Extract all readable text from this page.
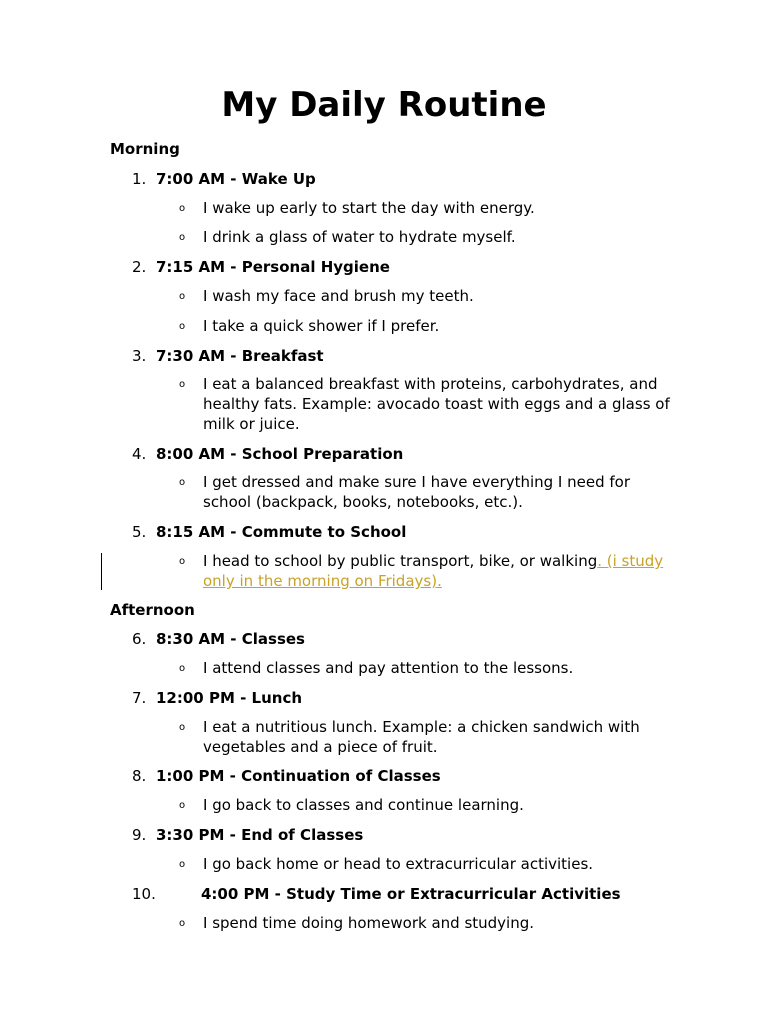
My Daily Routine
Morning
1. 7:00 AM - Wake Up
o I wake up early to start the day with energy.
o I drink a glass of water to hydrate myself.
2. 7:15 AM - Personal Hygiene
o I wash my face and brush my teeth.
o I take a quick shower if I prefer.
3. 7:30 AM - Breakfast
o I eat a balanced breakfast with proteins, carbohydrates, and healthy fats. Example: avocado toast with eggs and a glass of milk or juice.
4. 8:00 AM - School Preparation
o I get dressed and make sure I have everything I need for school (backpack, books, notebooks, etc.).
5. 8:15 AM - Commute to School
o I head to school by public transport, bike, or walking. (i study only in the morning on Fridays).
Afternoon
6. 8:30 AM - Classes
o I attend classes and pay attention to the lessons.
7. 12:00 PM - Lunch
o I eat a nutritious lunch. Example: a chicken sandwich with vegetables and a piece of fruit.
8. 1:00 PM - Continuation of Classes
o I go back to classes and continue learning.
9. 3:30 PM - End of Classes
o I go back home or head to extracurricular activities.
10.	4:00 PM - Study Time or Extracurricular Activities
o I spend time doing homework and studying.
